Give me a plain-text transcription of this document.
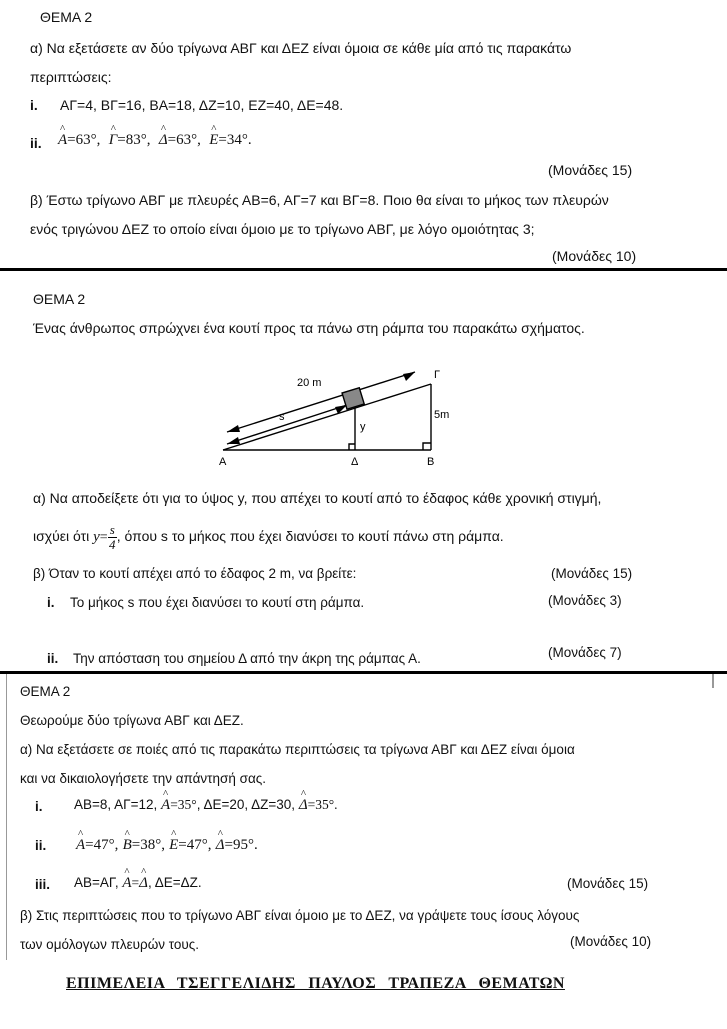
ΘΕΜΑ 2
α) Να εξετάσετε αν δύο τρίγωνα ΑΒΓ και ΔΕΖ είναι όμοια σε κάθε μία από τις παρακάτω
περιπτώσεις:
i. ΑΓ=4, ΒΓ=16, ΒΑ=18, ΔΖ=10, ΕΖ=40, ΔΕ=48.
ii. ^ A=63°, ^ Γ=83°, ^ Δ=63°, ^ Ε=34°.
(Μονάδες 15)
β) Έστω τρίγωνο ΑΒΓ με πλευρές ΑΒ=6, ΑΓ=7 και ΒΓ=8. Ποιο θα είναι το μήκος των πλευρών
ενός τριγώνου ΔΕΖ το οποίο είναι όμοιο με το τρίγωνο ΑΒΓ, με λόγο ομοιότητας 3;
(Μονάδες 10)
ΘΕΜΑ 2
Ένας άνθρωπος σπρώχνει ένα κουτί προς τα πάνω στη ράμπα του παρακάτω σχήματος.
20 m
s
y
5m
Α	Δ	Β
Γ
α) Να αποδείξετε ότι για το ύψος y, που απέχει το κουτί από το έδαφος κάθε χρονική στιγμή,
ισχύει ότι $y= \frac{s}{4}$ , όπου s το μήκος που έχει διανύσει το κουτί πάνω στη ράμπα.
β) Όταν το κουτί απέχει από το έδαφος 2 m, να βρείτε:	(Μονάδες 15)
i. Το μήκος s που έχει διανύσει το κουτί στη ράμπα.	(Μονάδες 3)
ii. Την απόσταση του σημείου Δ από την άκρη της ράμπας Α.	(Μονάδες 7)
ΘΕΜΑ 2
Θεωρούμε δύο τρίγωνα ΑΒΓ και ΔΕΖ.
α) Να εξετάσετε σε ποιές από τις παρακάτω περιπτώσεις τα τρίγωνα ΑΒΓ και ΔΕΖ είναι όμοια
και να δικαιολογήσετε την απάντησή σας.
i. ΑΒ=8, ΑΓ=12, ^ A=35°, ΔΕ=20, ΔΖ=30, ^ Δ=35°.
ii. ^ A=47°, ^ B=38°, ^ E=47°, ^ Δ=95°.
iii. ΑΒ=ΑΓ, ^ A=^ Δ, ΔΕ=ΔΖ.	(Μονάδες 15)
β) Στις περιπτώσεις που το τρίγωνο ΑΒΓ είναι όμοιο με το ΔΕΖ, να γράψετε τους ίσους λόγους
των ομόλογων πλευρών τους.	(Μονάδες 10)
ΕΠΙΜΕΛΕΙΑ ΤΣΕΓΓΕΛΙΔΗΣ ΠΑΥΛΟΣ ΤΡΑΠΕΖΑ ΘΕΜΑΤΩΝ
